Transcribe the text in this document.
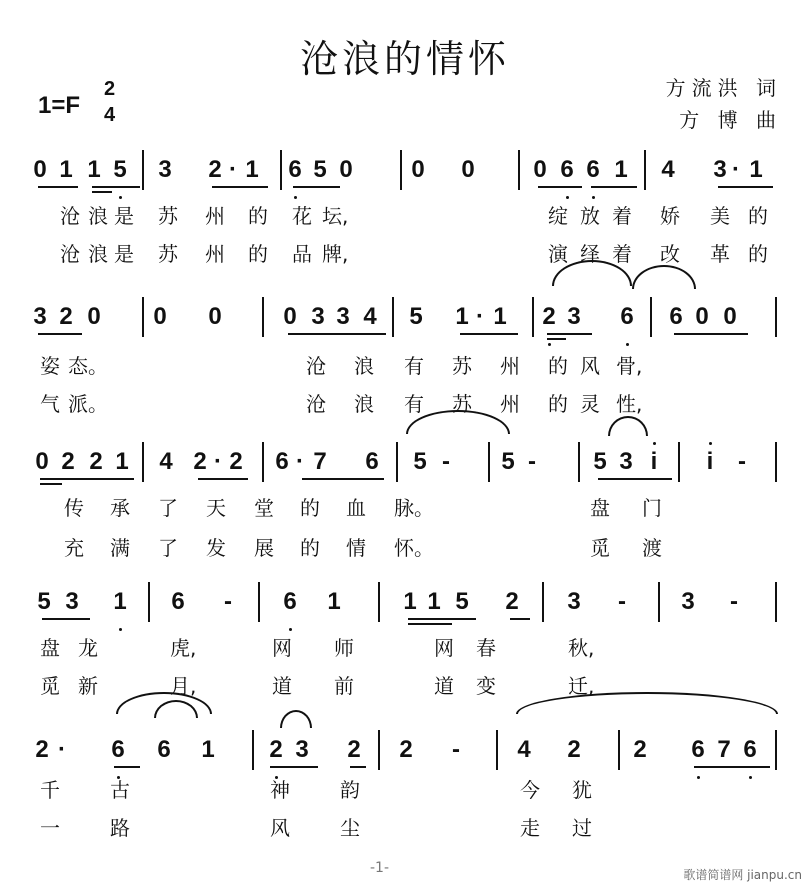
沧浪的情怀
方流洪 词
方 博 曲
1=F
2
4
0 1 1 5 3 2 · 1 6 5 0 0 0 0 6 6 1 4 3 · 1
沧 浪 是 苏 州 的 花 坛,	绽 放 着 娇 美 的
沧 浪 是 苏 州 的 品 牌,	演 绎 着 改 革 的
3 2 0 0 0	0 3 3 4 5 1 · 1 2 3 6 6 0 0
姿 态。	沧 浪 有 苏 州 的 风 骨,
气 派。	沧 浪 有 苏 州 的 灵 性,
0 2 2 1 4 2 · 2 6 · 7 6 5 - 5 - 5 3 i i -
传 承 了 天 堂 的 血 脉。	盘 门
充 满 了 发 展 的 情 怀。	觅 渡
5 3 1 6 - 6 1	1 1 5 2 3 - 3 -
盘 龙	虎,	网 师	网 春	秋,
觅 新	月,	道 前	道 变	迁,
2 · 6 6 1 2 3 2 2 - 4 2 2 6 7 6
千	古	神	韵	今 犹
一	路	风	尘	走 过
-1-	歌谱简谱网 jianpu.cn
